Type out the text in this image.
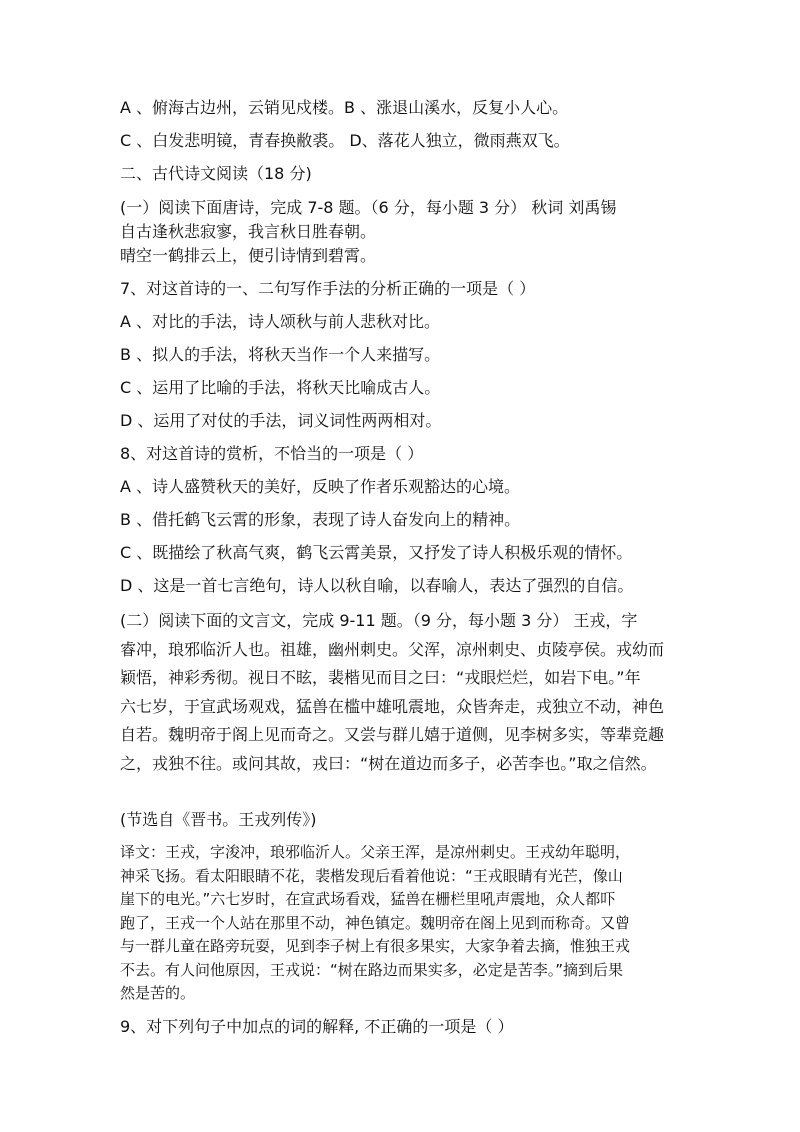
A 、俯海古边州，云销见戍楼。B 、涨退山溪水，反复小人心。
C 、白发悲明镜，青春换敝裘。 D、落花人独立，微雨燕双飞。
二、古代诗文阅读（18 分)
(一）阅读下面唐诗，完成 7-8 题。（6 分，每小题 3 分） 秋词 刘禹锡
自古逢秋悲寂寥，我言秋日胜春朝。
晴空一鹤排云上，便引诗情到碧霄。
7、对这首诗的一、二句写作手法的分析正确的一项是（ ）
A 、对比的手法，诗人颂秋与前人悲秋对比。
B 、拟人的手法，将秋天当作一个人来描写。
C 、运用了比喻的手法，将秋天比喻成古人。
D 、运用了对仗的手法，词义词性两两相对。
8、对这首诗的赏析，不恰当的一项是（ ）
A 、诗人盛赞秋天的美好，反映了作者乐观豁达的心境。
B 、借托鹤飞云霄的形象，表现了诗人奋发向上的精神。
C 、既描绘了秋高气爽，鹤飞云霄美景，又抒发了诗人积极乐观的情怀。
D 、这是一首七言绝句，诗人以秋自喻，以春喻人，表达了强烈的自信。
(二）阅读下面的文言文，完成 9-11 题。（9 分，每小题 3 分） 王戎，字
睿冲，琅邪临沂人也。祖雄，幽州刺史。父浑，凉州刺史、贞陵亭侯。戎幼而
颖悟，神彩秀彻。视日不眩，裴楷见而目之曰：“戎眼烂烂，如岩下电。”年
六七岁，于宣武场观戏，猛兽在槛中雄吼震地，众皆奔走，戎独立不动，神色
自若。魏明帝于阁上见而奇之。又尝与群儿嬉于道侧，见李树多实，等辈竞趣
之，戎独不往。或问其故，戎曰：“树在道边而多子，必苦李也。”取之信然。
(节选自《晋书。王戎列传》)
译文：王戎，字浚冲，琅邪临沂人。父亲王浑，是凉州刺史。王戎幼年聪明，
神采飞扬。看太阳眼睛不花，裴楷发现后看着他说：“王戎眼睛有光芒，像山
崖下的电光。”六七岁时，在宣武场看戏，猛兽在栅栏里吼声震地，众人都吓
跑了，王戎一个人站在那里不动，神色镇定。魏明帝在阁上见到而称奇。又曾
与一群儿童在路旁玩耍，见到李子树上有很多果实，大家争着去摘，惟独王戎
不去。有人问他原因，王戎说：“树在路边而果实多，必定是苦李。”摘到后果
然是苦的。
9、对下列句子中加点的词的解释, 不正确的一项是（ ）
